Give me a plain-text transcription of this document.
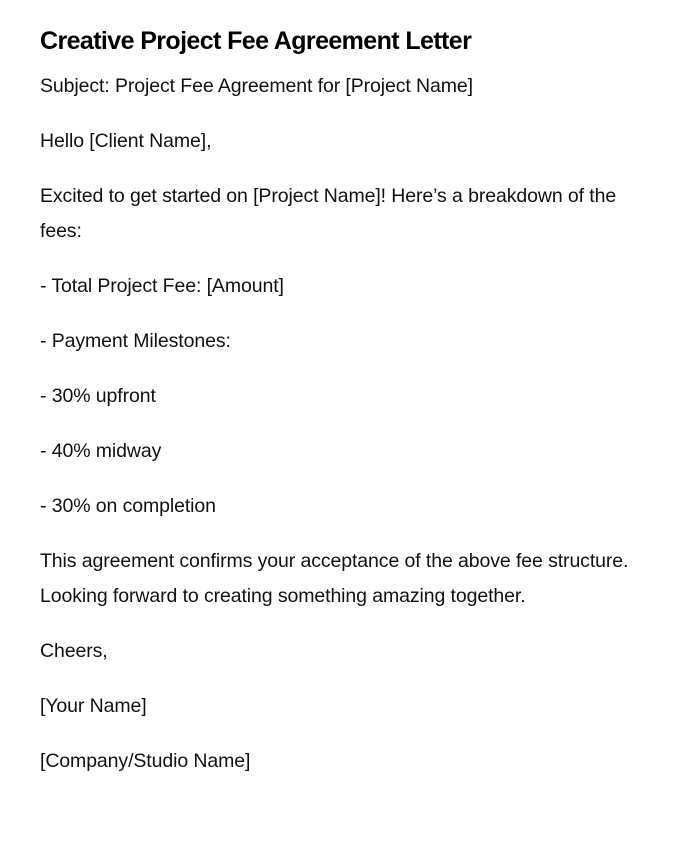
Creative Project Fee Agreement Letter

Subject: Project Fee Agreement for [Project Name]

Hello [Client Name],

Excited to get started on [Project Name]! Here’s a breakdown of the fees:

- Total Project Fee: [Amount]

- Payment Milestones:

- 30% upfront

- 40% midway

- 30% on completion

This agreement confirms your acceptance of the above fee structure. Looking forward to creating something amazing together.

Cheers,

[Your Name]

[Company/Studio Name]
